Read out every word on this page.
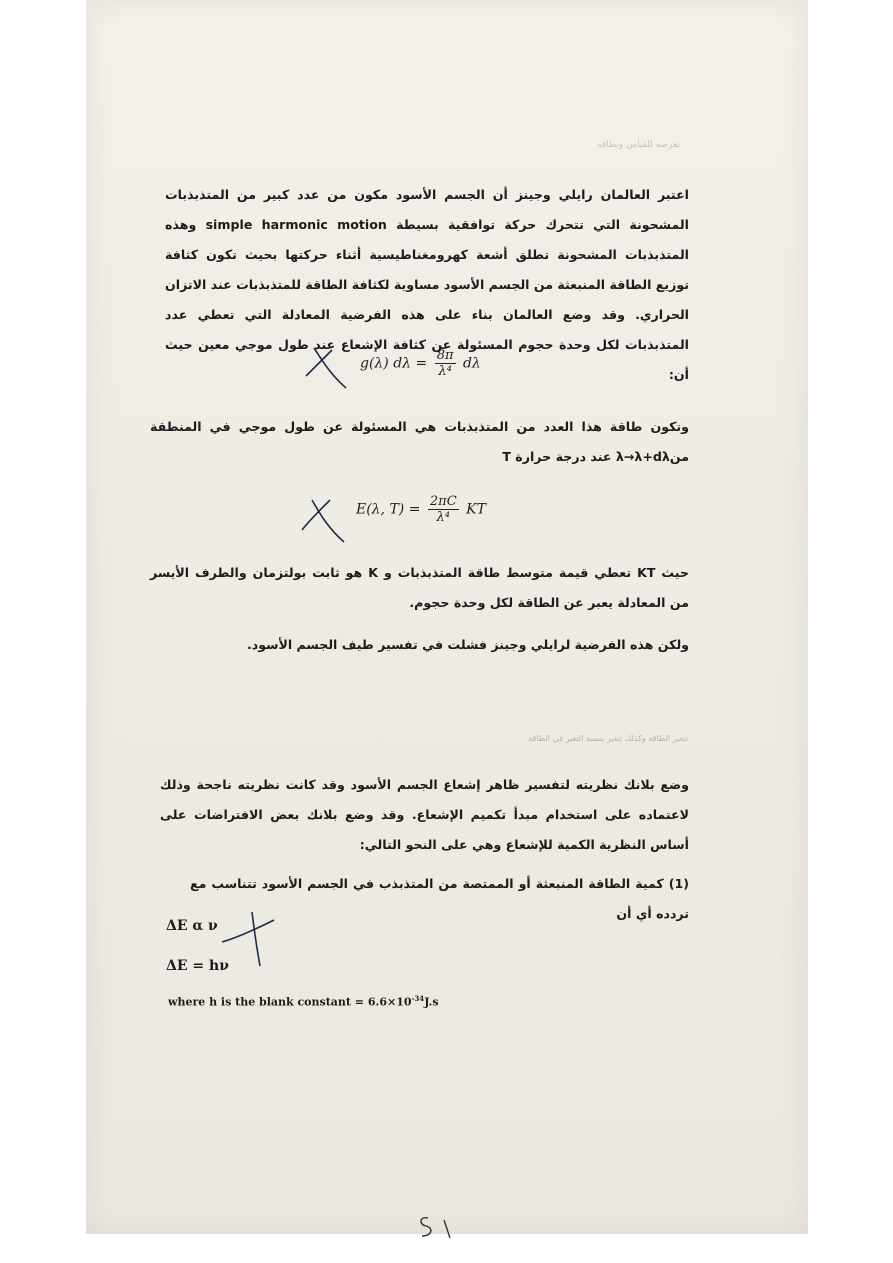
تعرضه للقياس ونطاقه
اعتبر العالمان رايلي وجينز أن الجسم الأسود مكون من عدد كبير من المتذبذبات المشحونة التي تتحرك حركة توافقية بسيطة simple harmonic motion وهذه المتذبذبات المشحونة تطلق أشعة كهرومغناطيسية أثناء حركتها بحيث تكون كثافة توزيع الطاقة المنبعثة من الجسم الأسود مساوية لكثافة الطاقة للمتذبذبات عند الاتزان الحراري. وقد وضع العالمان بناء على هذه الفرضية المعادلة التي تعطي عدد المتذبذبات لكل وحدة حجوم المسئولة عن كثافة الإشعاع عند طول موجي معين حيث أن:
g(λ) $d\lambda = \frac{8\pi}{\text{λ⁴}}$ dλ
وتكون طاقة هذا العدد من المتذبذبات هي المسئولة عن طول موجي في المنطقة منλ→λ+dλ عند درجة حرارة T
E(λ, $T) = \frac{2\pi C}{\text{λ⁴}}$ KT
حيث KT تعطي قيمة متوسط طاقة المتذبذبات و K هو ثابت بولتزمان والطرف الأيسر من المعادلة يعبر عن الطاقة لكل وحدة حجوم.
ولكن هذه الفرضية لرايلي وجينز فشلت في تفسير طيف الجسم الأسود.
تتغير الطاقة وكذلك تتغير بنسبة التغير في الطاقة
وضع بلانك نظريته لتفسير ظاهر إشعاع الجسم الأسود وقد كانت نظريته ناجحة وذلك لاعتماده على استخدام مبدأ تكميم الإشعاع. وقد وضع بلانك بعض الافتراضات على أساس النظرية الكمية للإشعاع وهي على النحو التالي:
(1) كمية الطاقة المنبعثة أو الممتصة من المتذبذب في الجسم الأسود تتناسب مع تردده أي أن
ΔE α ν
ΔE = hν
where h is the blank constant = $6.6\times 10^{-34}J.s$
